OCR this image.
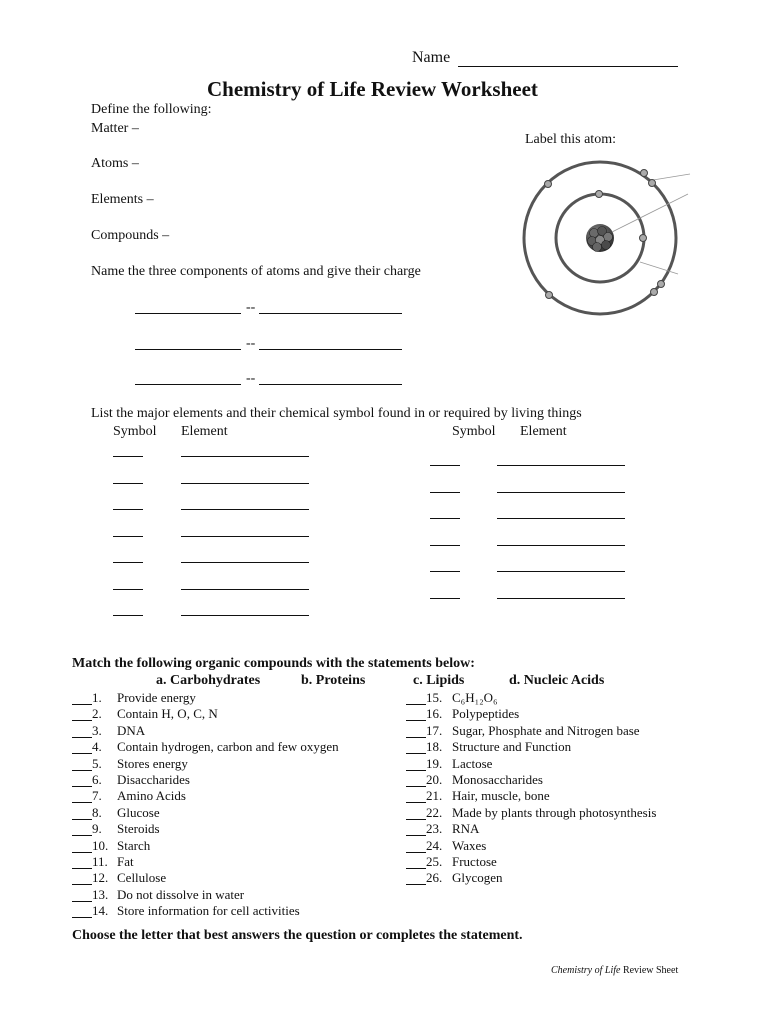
Name
Chemistry of Life Review Worksheet
Define the following:
Matter –
Atoms –
Elements –
Compounds –
Name the three components of atoms and give their charge
--
--
--
Label this atom:
List the major elements and their chemical symbol found in or required by living things
Symbol Element	Symbol Element
Match the following organic compounds with the statements below:
a. Carbohydrates	b. Proteins	c. Lipids	d. Nucleic Acids
1. Provide energy
2. Contain H, O, C, N
3. DNA
4. Contain hydrogen, carbon and few oxygen
5. Stores energy
6. Disaccharides
7. Amino Acids
8. Glucose
9. Steroids
10. Starch
11. Fat
12. Cellulose
13. Do not dissolve in water
14. Store information for cell activities
15. C₆H₁₂O₆
16. Polypeptides
17. Sugar, Phosphate and Nitrogen base
18. Structure and Function
19. Lactose
20. Monosaccharides
21. Hair, muscle, bone
22. Made by plants through photosynthesis
23. RNA
24. Waxes
25. Fructose
26. Glycogen
Choose the letter that best answers the question or completes the statement.
Chemistry of Life Review Sheet
